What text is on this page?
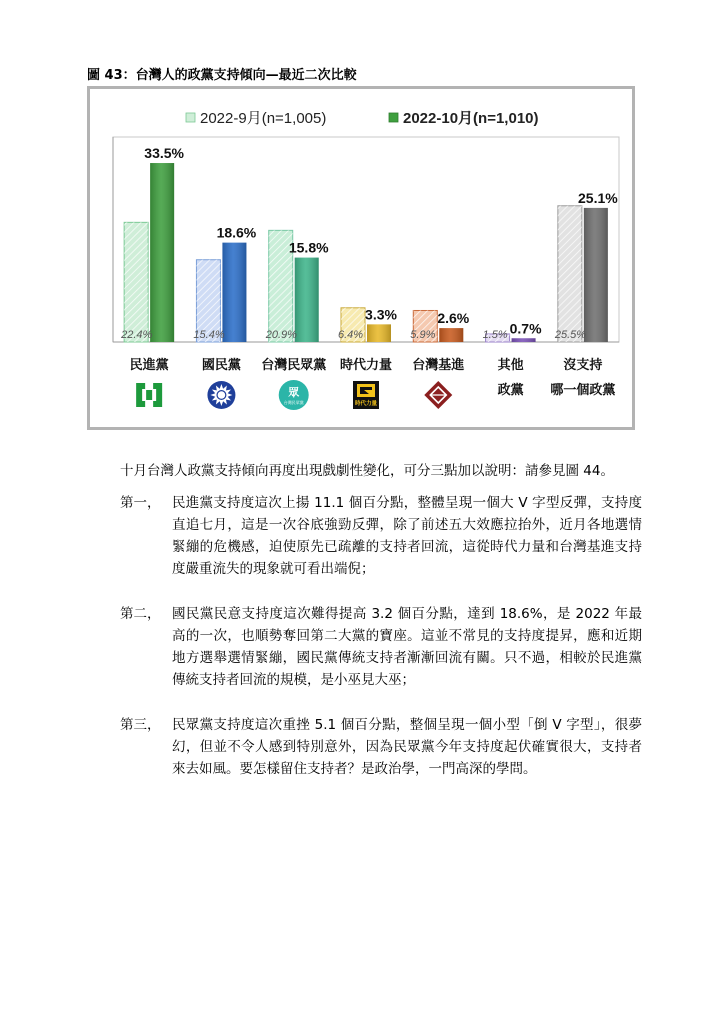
圖 43：台灣人的政黨支持傾向—最近二次比較
2022-9月(n=1,005)	2022-10月(n=1,010)
22.4%
33.5%
民進黨
15.4%
18.6%
國民黨
20.9%
15.8%
台灣民眾黨
眾
台灣民眾黨
6.4%
3.3%
時代力量
時代力量
5.9%
2.6%
台灣基進
1.5% 0.7%
其他
政黨
25.5%
25.1%
沒支持
哪一個政黨
十月台灣人政黨支持傾向再度出現戲劇性變化，可分三點加以說明：請參見圖 44。
第一， 民進黨支持度這次上揚 11.1 個百分點，整體呈現一個大 V 字型反彈，支持度直追七月，這是一次谷底強勁反彈，除了前述五大效應拉抬外，近月各地選情緊繃的危機感，迫使原先已疏離的支持者回流，這從時代力量和台灣基進支持度嚴重流失的現象就可看出端倪；
第二， 國民黨民意支持度這次難得提高 3.2 個百分點，達到 18.6%，是 2022 年最高的一次，也順勢奪回第二大黨的寶座。這並不常見的支持度提昇，應和近期地方選舉選情緊繃，國民黨傳統支持者漸漸回流有關。只不過，相較於民進黨傳統支持者回流的規模，是小巫見大巫；
第三， 民眾黨支持度這次重挫 5.1 個百分點，整個呈現一個小型「倒 V 字型」，很夢幻，但並不令人感到特別意外，因為民眾黨今年支持度起伏確實很大，支持者來去如風。要怎樣留住支持者？是政治學，一門高深的學問。
